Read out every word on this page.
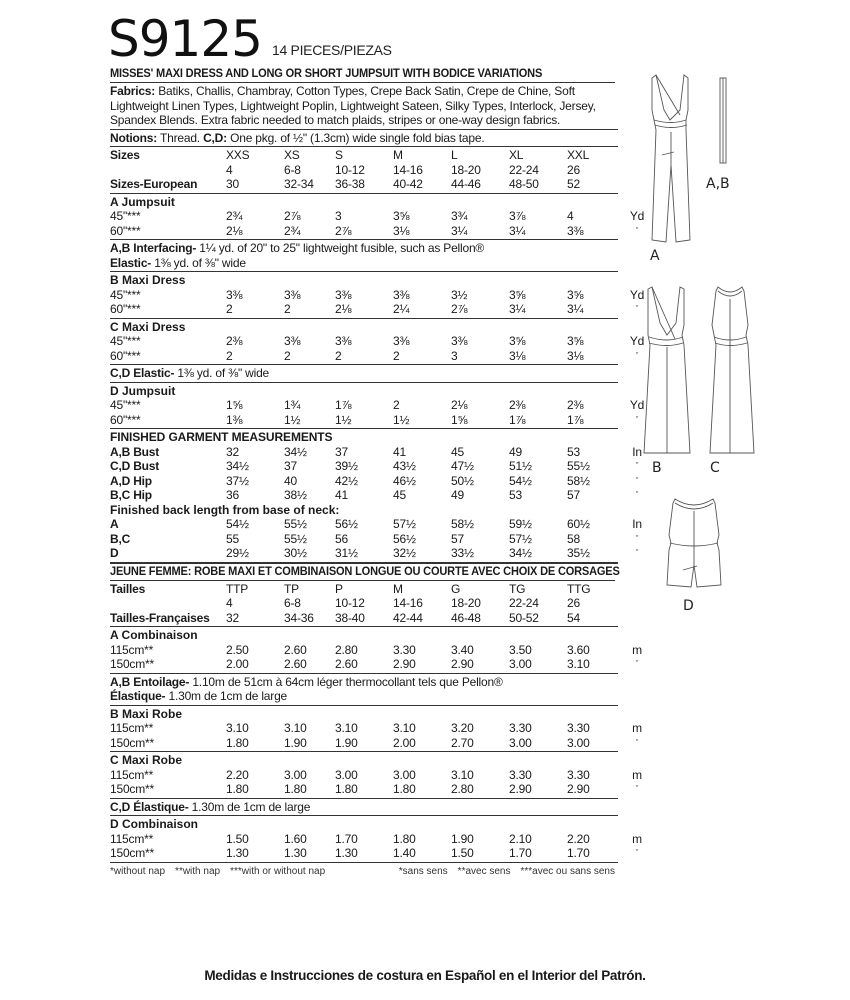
S9125 14 PIECES/PIEZAS
MISSES' MAXI DRESS AND LONG OR SHORT JUMPSUIT WITH BODICE VARIATIONS
Fabrics: Batiks, Challis, Chambray, Cotton Types, Crepe Back Satin, Crepe de Chine, Soft Lightweight Linen Types, Lightweight Poplin, Lightweight Sateen, Silky Types, Interlock, Jersey, Spandex Blends. Extra fabric needed to match plaids, stripes or one-way design fabrics.
Notions: Thread. C,D: One pkg. of ½" (1.3cm) wide single fold bias tape.
Sizes	XXS	XS	S	M	L	XL	XXL
4	6-8	10-12	14-16	18-20	22-24	26
Sizes-European	30	32-34	36-38	40-42	44-46	48-50	52
A Jumpsuit
45"***	2¾	2⅞	3	3⅝	3¾	3⅞	4	Yd
60"***	2⅛	2¾	2⅞	3⅛	3¼	3¼	3⅜	"
A,B Interfacing- 1¼ yd. of 20" to 25" lightweight fusible, such as Pellon®
Elastic- 1⅜ yd. of ⅜" wide
B Maxi Dress
45"***	3⅜	3⅜	3⅜	3⅜	3½	3⅝	3⅝	Yd
60"***	2	2	2⅛	2¼	2⅞	3¼	3¼	"
C Maxi Dress
45"***	2⅜	3⅜	3⅜	3⅜	3⅜	3⅝	3⅝	Yd
60"***	2	2	2	2	3	3⅛	3⅛	"
C,D Elastic- 1⅜ yd. of ⅜" wide
D Jumpsuit
45"***	1⅝	1¾	1⅞	2	2⅛	2⅜	2⅜	Yd
60"***	1⅜	1½	1½	1½	1⅝	1⅞	1⅞	"
FINISHED GARMENT MEASUREMENTS
A,B Bust	32	34½	37	41	45	49	53	In
C,D Bust	34½	37	39½	43½	47½	51½	55½	"
A,D Hip	37½	40	42½	46½	50½	54½	58½	"
B,C Hip	36	38½	41	45	49	53	57	"
Finished back length from base of neck:
A	54½	55½	56½	57½	58½	59½	60½	In
B,C	55	55½	56	56½	57	57½	58	"
D	29½	30½	31½	32½	33½	34½	35½	"
JEUNE FEMME: ROBE MAXI ET COMBINAISON LONGUE OU COURTE AVEC CHOIX DE CORSAGES
Tailles	TTP	TP	P	M	G	TG	TTG
4	6-8	10-12	14-16	18-20	22-24	26
Tailles-Françaises	32	34-36	38-40	42-44	46-48	50-52	54
A Combinaison
115cm**	2.50	2.60	2.80	3.30	3.40	3.50	3.60	m
150cm**	2.00	2.60	2.60	2.90	2.90	3.00	3.10	"
A,B Entoilage- 1.10m de 51cm à 64cm léger thermocollant tels que Pellon®
Élastique- 1.30m de 1cm de large
B Maxi Robe
115cm**	3.10	3.10	3.10	3.10	3.20	3.30	3.30	m
150cm**	1.80	1.90	1.90	2.00	2.70	3.00	3.00	"
C Maxi Robe
115cm**	2.20	3.00	3.00	3.00	3.10	3.30	3.30	m
150cm**	1.80	1.80	1.80	1.80	2.80	2.90	2.90	"
C,D Élastique- 1.30m de 1cm de large
D Combinaison
115cm**	1.50	1.60	1.70	1.80	1.90	2.10	2.20	m
150cm**	1.30	1.30	1.30	1.40	1.50	1.70	1.70	"
*without nap **with nap ***with or without nap	*sans sens **avec sens ***avec ou sans sens
Medidas e Instrucciones de costura en Español en el Interior del Patrón.
A
A,B
B	C
D
